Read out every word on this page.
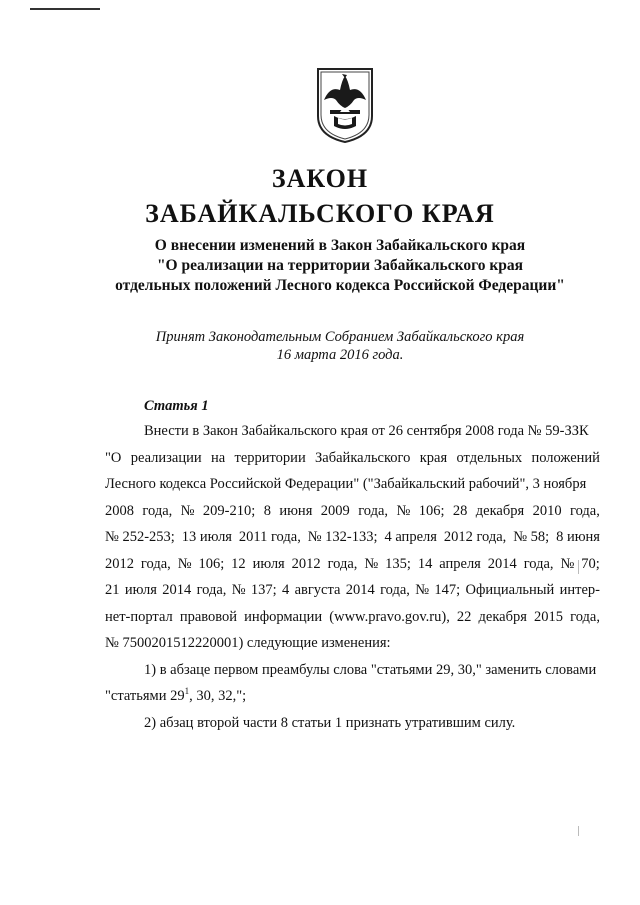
ЗАКОН
ЗАБАЙКАЛЬСКОГО КРАЯ
О внесении изменений в Закон Забайкальского края
"О реализации на территории Забайкальского края
отдельных положений Лесного кодекса Российской Федерации"
Принят Законодательным Собранием Забайкальского края
16 марта 2016 года.
Статья 1
Внести в Закон Забайкальского края от 26 сентября 2008 года № 59-ЗЗК
"О реализации на территории Забайкальского края отдельных положений
Лесного кодекса Российской Федерации" ("Забайкальский рабочий", 3 ноября
2008 года, № 209-210; 8 июня 2009 года, № 106; 28 декабря 2010 года,
№ 252-253; 13 июля 2011 года, № 132-133; 4 апреля 2012 года, № 58; 8 июня
2012 года, № 106; 12 июля 2012 года, № 135; 14 апреля 2014 года, № 70;
21 июля 2014 года, № 137; 4 августа 2014 года, № 147; Официальный интер-
нет-портал правовой информации (www.pravo.gov.ru), 22 декабря 2015 года,
№ 7500201512220001) следующие изменения:
1) в абзаце первом преамбулы слова "статьями 29, 30," заменить словами
"статьями $29^1$, 30, 32,";
2) абзац второй части 8 статьи 1 признать утратившим силу.
